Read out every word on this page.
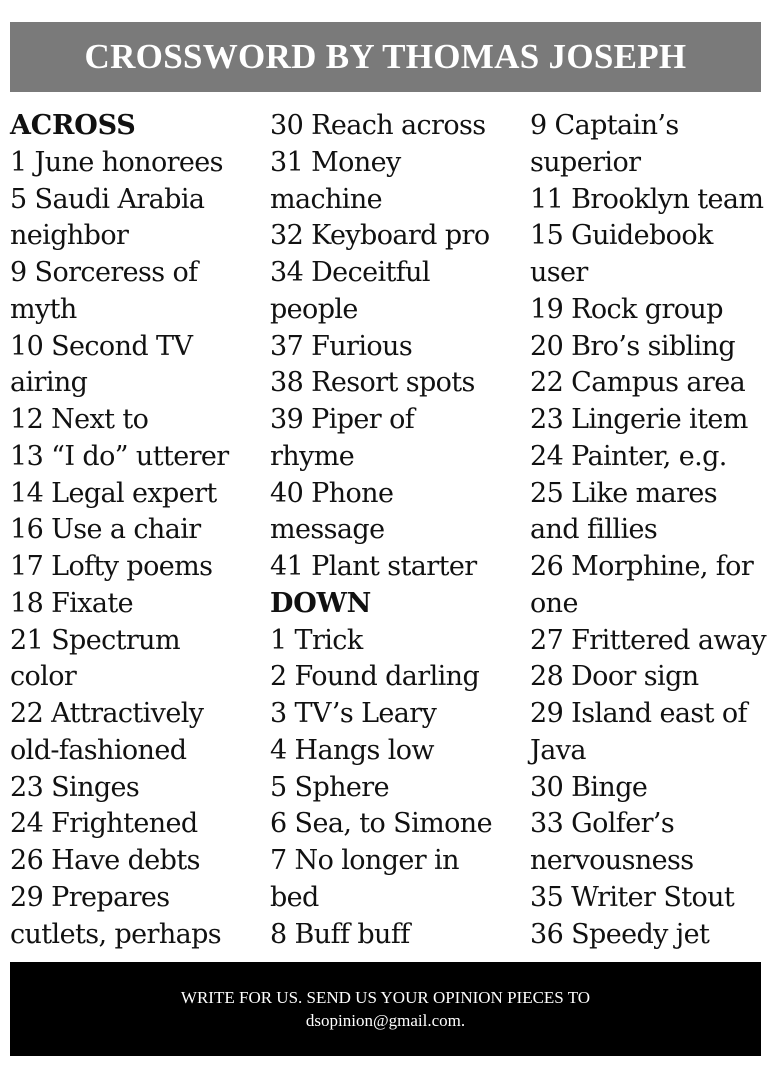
CROSSWORD BY THOMAS JOSEPH
ACROSS
1 June honorees
5 Saudi Arabia
neighbor
9 Sorceress of
myth
10 Second TV
airing
12 Next to
13 “I do” utterer
14 Legal expert
16 Use a chair
17 Lofty poems
18 Fixate
21 Spectrum
color
22 Attractively
old-fashioned
23 Singes
24 Frightened
26 Have debts
29 Prepares
cutlets, perhaps
30 Reach across
31 Money
machine
32 Keyboard pro
34 Deceitful
people
37 Furious
38 Resort spots
39 Piper of
rhyme
40 Phone
message
41 Plant starter
DOWN
1 Trick
2 Found darling
3 TV’s Leary
4 Hangs low
5 Sphere
6 Sea, to Simone
7 No longer in
bed
8 Buff buff
9 Captain’s
superior
11 Brooklyn team
15 Guidebook
user
19 Rock group
20 Bro’s sibling
22 Campus area
23 Lingerie item
24 Painter, e.g.
25 Like mares
and fillies
26 Morphine, for
one
27 Frittered away
28 Door sign
29 Island east of
Java
30 Binge
33 Golfer’s
nervousness
35 Writer Stout
36 Speedy jet
WRITE FOR US. SEND US YOUR OPINION PIECES TO
dsopinion@gmail.com.
